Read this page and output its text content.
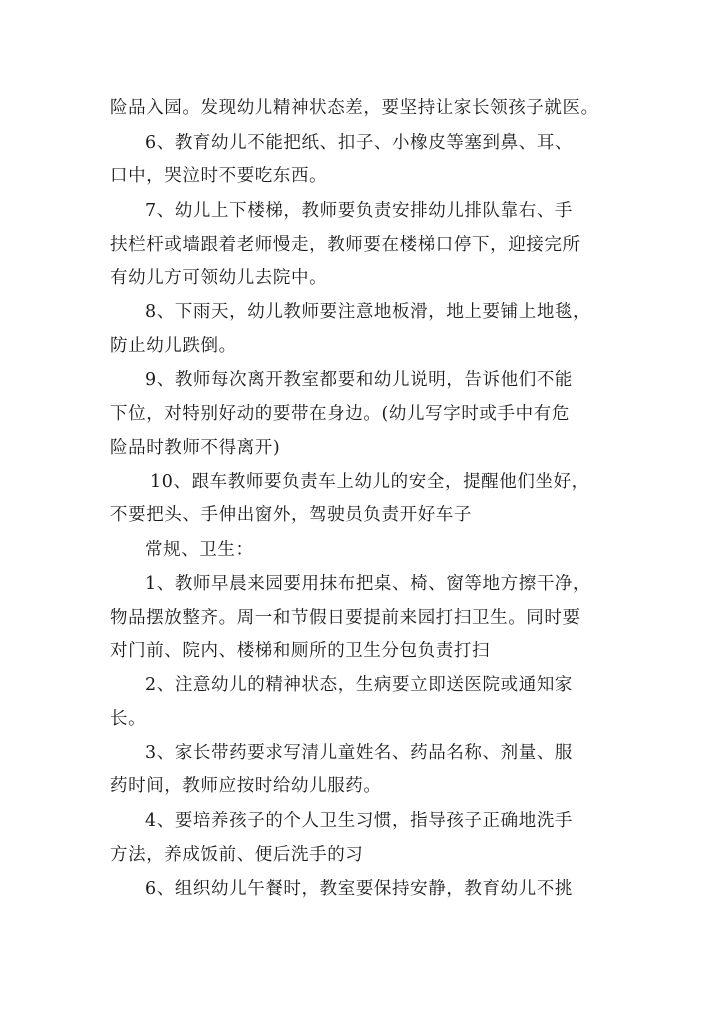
险品入园。发现幼儿精神状态差，要坚持让家长领孩子就医。
6、教育幼儿不能把纸、扣子、小橡皮等塞到鼻、耳、
口中，哭泣时不要吃东西。
7、幼儿上下楼梯，教师要负责安排幼儿排队靠右、手
扶栏杆或墙跟着老师慢走，教师要在楼梯口停下，迎接完所
有幼儿方可领幼儿去院中。
8、下雨天，幼儿教师要注意地板滑，地上要铺上地毯，
防止幼儿跌倒。
9、教师每次离开教室都要和幼儿说明，告诉他们不能
下位，对特别好动的要带在身边。(幼儿写字时或手中有危
险品时教师不得离开)
10、跟车教师要负责车上幼儿的安全，提醒他们坐好，
不要把头、手伸出窗外，驾驶员负责开好车子
常规、卫生：
1、教师早晨来园要用抹布把桌、椅、窗等地方擦干净，
物品摆放整齐。周一和节假日要提前来园打扫卫生。同时要
对门前、院内、楼梯和厕所的卫生分包负责打扫
2、注意幼儿的精神状态，生病要立即送医院或通知家
长。
3、家长带药要求写清儿童姓名、药品名称、剂量、服
药时间，教师应按时给幼儿服药。
4、要培养孩子的个人卫生习惯，指导孩子正确地洗手
方法，养成饭前、便后洗手的习
6、组织幼儿午餐时，教室要保持安静，教育幼儿不挑
